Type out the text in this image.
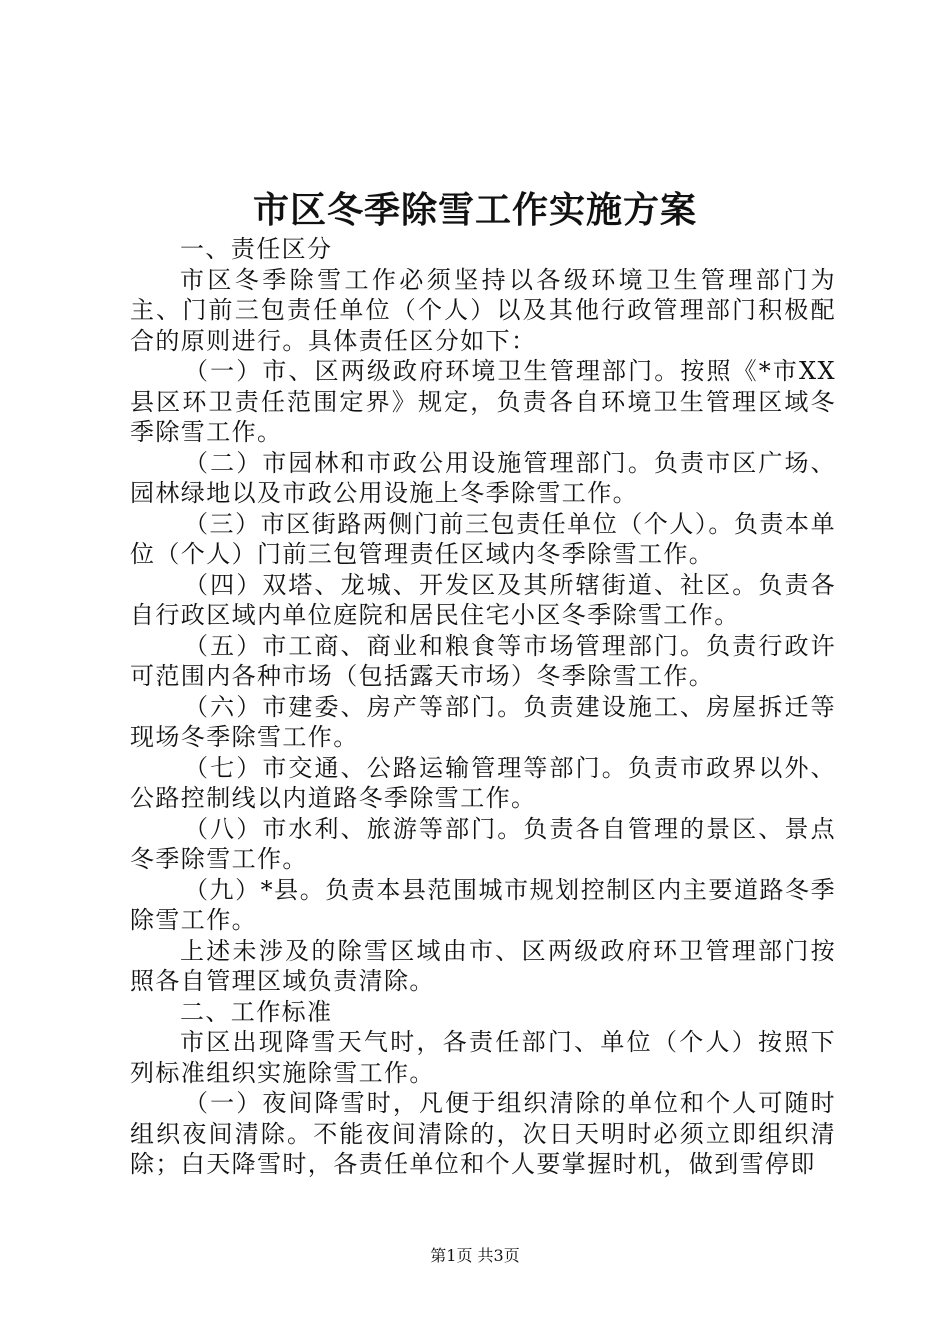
市区冬季除雪工作实施方案

一、责任区分

市区冬季除雪工作必须坚持以各级环境卫生管理部门为主、门前三包责任单位（个人）以及其他行政管理部门积极配合的原则进行。具体责任区分如下：

（一）市、区两级政府环境卫生管理部门。按照《*市XX县区环卫责任范围定界》规定，负责各自环境卫生管理区域冬季除雪工作。

（二）市园林和市政公用设施管理部门。负责市区广场、园林绿地以及市政公用设施上冬季除雪工作。

（三）市区街路两侧门前三包责任单位（个人）。负责本单位（个人）门前三包管理责任区域内冬季除雪工作。

（四）双塔、龙城、开发区及其所辖街道、社区。负责各自行政区域内单位庭院和居民住宅小区冬季除雪工作。

（五）市工商、商业和粮食等市场管理部门。负责行政许可范围内各种市场（包括露天市场）冬季除雪工作。

（六）市建委、房产等部门。负责建设施工、房屋拆迁等现场冬季除雪工作。

（七）市交通、公路运输管理等部门。负责市政界以外、公路控制线以内道路冬季除雪工作。

（八）市水利、旅游等部门。负责各自管理的景区、景点冬季除雪工作。

（九）*县。负责本县范围城市规划控制区内主要道路冬季除雪工作。

上述未涉及的除雪区域由市、区两级政府环卫管理部门按照各自管理区域负责清除。

二、工作标准

市区出现降雪天气时，各责任部门、单位（个人）按照下列标准组织实施除雪工作。

（一）夜间降雪时，凡便于组织清除的单位和个人可随时组织夜间清除。不能夜间清除的，次日天明时必须立即组织清除；白天降雪时，各责任单位和个人要掌握时机，做到雪停即

第1页 共3页
